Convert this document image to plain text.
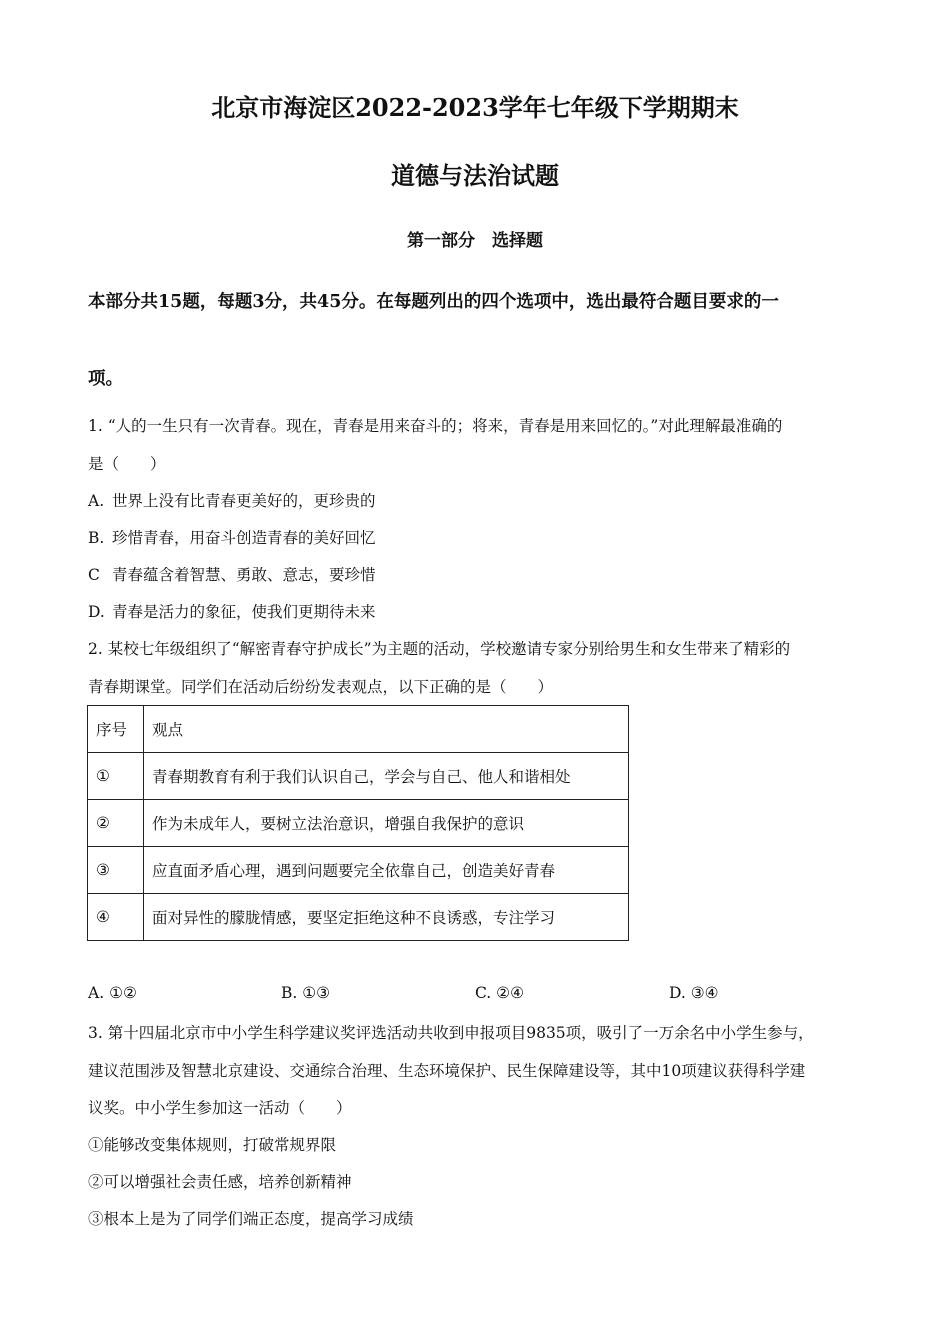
北京市海淀区2022-2023学年七年级下学期期末
道德与法治试题
第一部分　选择题
本部分共15题，每题3分，共45分。在每题列出的四个选项中，选出最符合题目要求的一
项。
1. “人的一生只有一次青春。现在，青春是用来奋斗的；将来，青春是用来回忆的。”对此理解最准确的
是（　　）
A. 世界上没有比青春更美好的，更珍贵的
B. 珍惜青春，用奋斗创造青春的美好回忆
C 青春蕴含着智慧、勇敢、意志，要珍惜
D. 青春是活力的象征，使我们更期待未来
2. 某校七年级组织了“解密青春守护成长”为主题的活动，学校邀请专家分别给男生和女生带来了精彩的
青春期课堂。同学们在活动后纷纷发表观点，以下正确的是（　　）
序号	观点
①	青春期教育有利于我们认识自己，学会与自己、他人和谐相处
②	作为未成年人，要树立法治意识，增强自我保护的意识
③	应直面矛盾心理，遇到问题要完全依靠自己，创造美好青春
④	面对异性的朦胧情感，要坚定拒绝这种不良诱惑，专注学习
A. ①②	B. ①③	C. ②④	D. ③④
3. 第十四届北京市中小学生科学建议奖评选活动共收到申报项目9835项，吸引了一万余名中小学生参与，
建议范围涉及智慧北京建设、交通综合治理、生态环境保护、民生保障建设等，其中10项建议获得科学建
议奖。中小学生参加这一活动（　　）
①能够改变集体规则，打破常规界限
②可以增强社会责任感，培养创新精神
③根本上是为了同学们端正态度，提高学习成绩
